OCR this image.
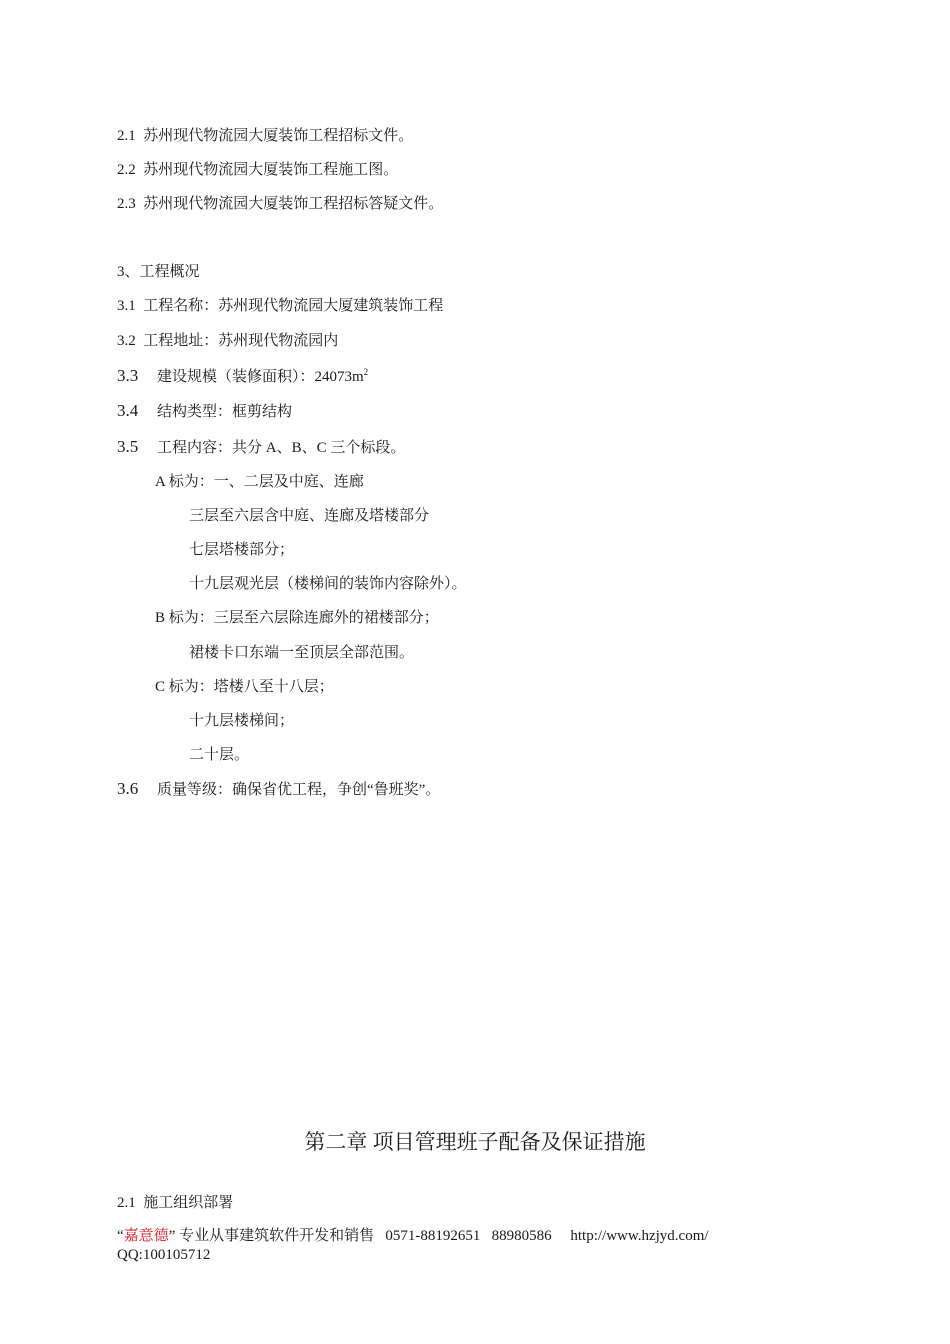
2.1 苏州现代物流园大厦装饰工程招标文件。
2.2 苏州现代物流园大厦装饰工程施工图。
2.3 苏州现代物流园大厦装饰工程招标答疑文件。
3、工程概况
3.1 工程名称：苏州现代物流园大厦建筑装饰工程
3.2 工程地址：苏州现代物流园内
3.3 建设规模（装修面积）：$24073m^2$
3.4 结构类型：框剪结构
3.5 工程内容：共分 A、B、C 三个标段。
A 标为：一、二层及中庭、连廊
三层至六层含中庭、连廊及塔楼部分
七层塔楼部分；
十九层观光层（楼梯间的装饰内容除外）。
B 标为：三层至六层除连廊外的裙楼部分；
裙楼卡口东端一至顶层全部范围。
C 标为：塔楼八至十八层；
十九层楼梯间；
二十层。
3.6 质量等级：确保省优工程，争创“鲁班奖”。
第二章 项目管理班子配备及保证措施
2.1 施工组织部署
“嘉意德” 专业从事建筑软件开发和销售 0571-88192651 88980586 http://www.hzjyd.com/
QQ:100105712
